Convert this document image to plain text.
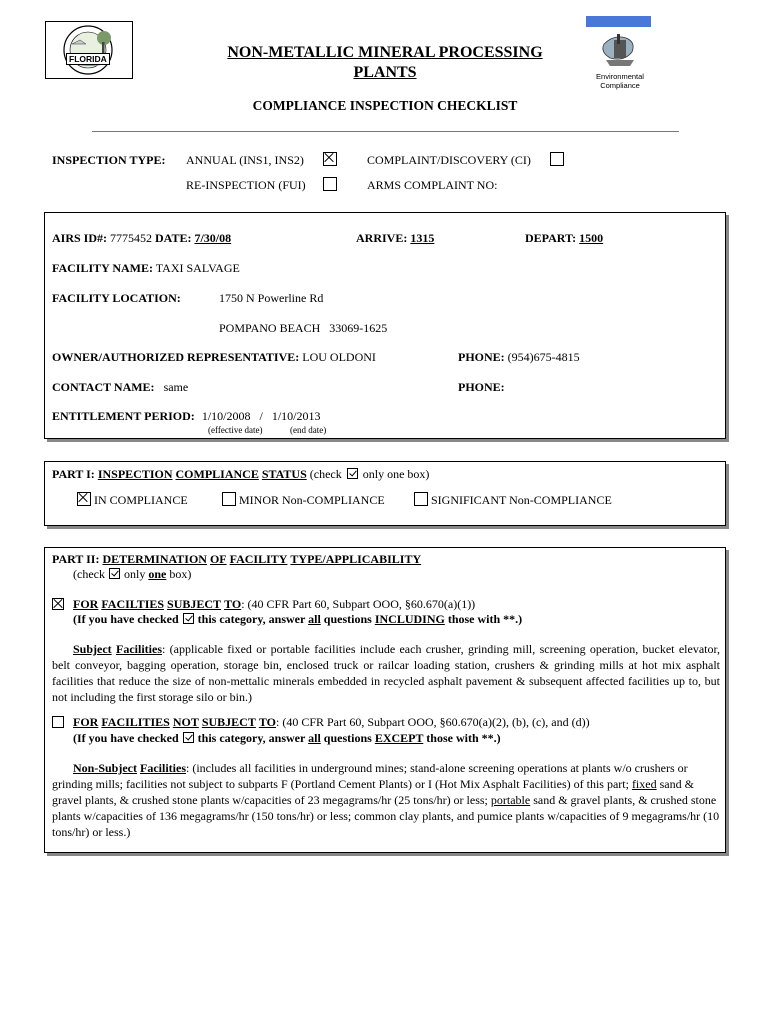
FLORIDA
Environmental
Compliance
NON-METALLIC MINERAL PROCESSING
PLANTS
COMPLIANCE INSPECTION CHECKLIST
INSPECTION TYPE: ANNUAL (INS1, INS2)	COMPLAINT/DISCOVERY (CI)
RE-INSPECTION (FUI)	ARMS COMPLAINT NO:
AIRS ID#: 7775452 DATE: 7/30/08	ARRIVE: 1315	DEPART: 1500
FACILITY NAME: TAXI SALVAGE
FACILITY LOCATION:	1750 N Powerline Rd
POMPANO BEACH   33069-1625
OWNER/AUTHORIZED REPRESENTATIVE: LOU OLDONI	PHONE: (954)675-4815
CONTACT NAME: same	PHONE:
ENTITLEMENT PERIOD: 1/10/2008 / 1/10/2013
(effective date)	(end date)
PART I: INSPECTION COMPLIANCE STATUS (check only one box)
IN COMPLIANCE	MINOR Non-COMPLIANCE	SIGNIFICANT Non-COMPLIANCE
PART II: DETERMINATION OF FACILITY TYPE/APPLICABILITY
(check only one box)
FOR FACILTIES SUBJECT TO: (40 CFR Part 60, Subpart OOO, §60.670(a)(1))
(If you have checked this category, answer all questions INCLUDING those with **.)
Subject Facilities: (applicable fixed or portable facilities include each crusher, grinding mill, screening operation, bucket elevator, belt conveyor, bagging operation, storage bin, enclosed truck or railcar loading station, crushers & grinding mills at hot mix asphalt facilities that reduce the size of non-mettalic minerals embedded in recycled asphalt pavement & subsequent affected facilities up to, but not including the first storage silo or bin.)
FOR FACILITIES NOT SUBJECT TO: (40 CFR Part 60, Subpart OOO, §60.670(a)(2), (b), (c), and (d))
(If you have checked this category, answer all questions EXCEPT those with **.)
Non-Subject Facilities: (includes all facilities in underground mines; stand-alone screening operations at plants w/o crushers or grinding mills; facilities not subject to subparts F (Portland Cement Plants) or I (Hot Mix Asphalt Facilities) of this part; fixed sand & gravel plants, & crushed stone plants w/capacities of 23 megagrams/hr (25 tons/hr) or less; portable sand & gravel plants, & crushed stone plants w/capacities of 136 megagrams/hr (150 tons/hr) or less; common clay plants, and pumice plants w/capacities of 9 megagrams/hr (10 tons/hr) or less.)
